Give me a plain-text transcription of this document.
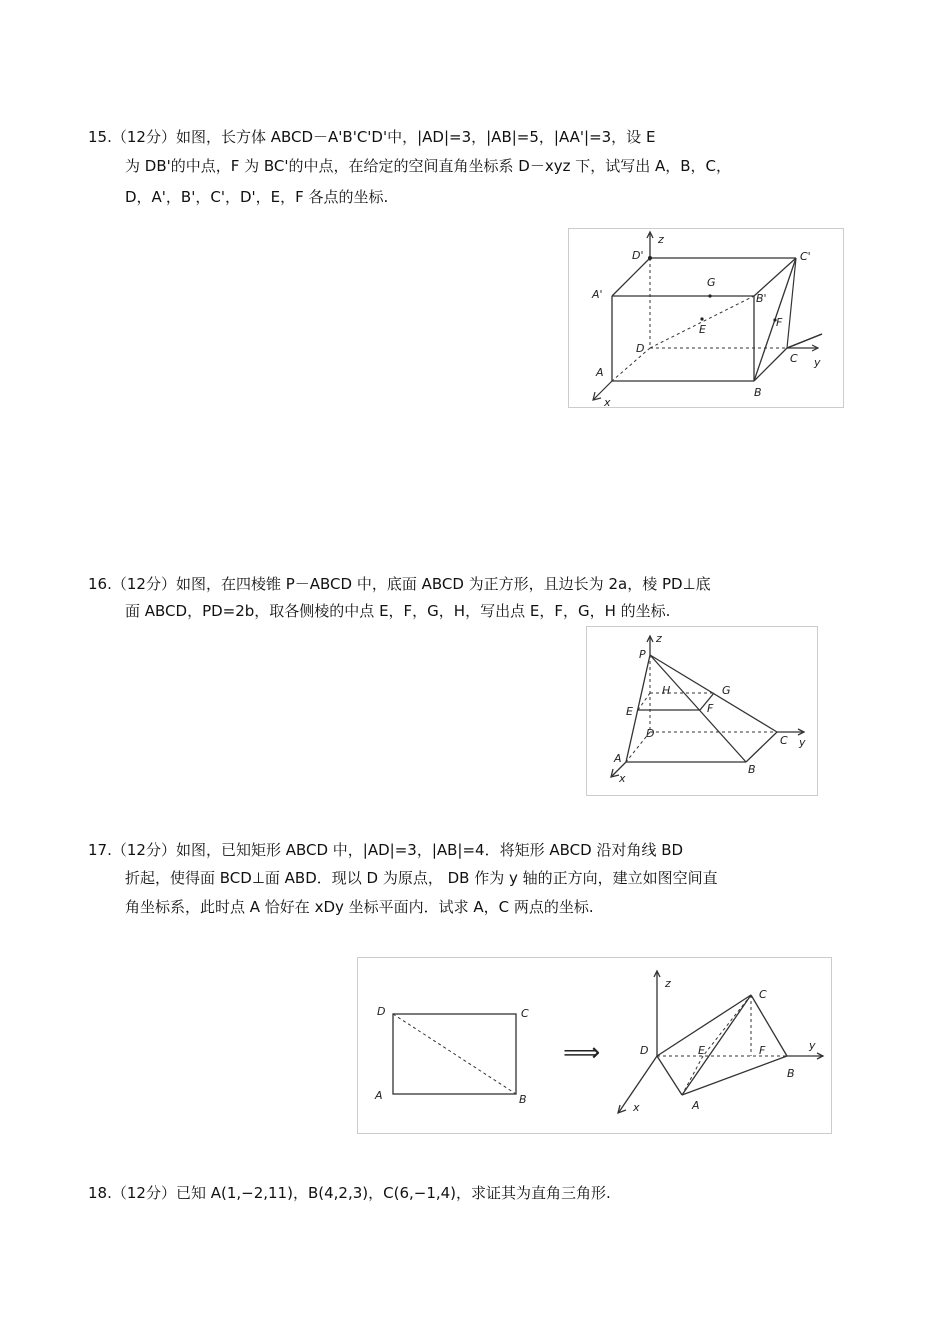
15.（12分）如图，长方体 ABCD－A'B'C'D'中，|AD|=3，|AB|=5，|AA'|=3，设 E
为 DB'的中点，F 为 BC'的中点，在给定的空间直角坐标系 D－xyz 下，试写出 A，B，C，
D，A'，B'，C'，D'，E，F 各点的坐标.
z
D'	C'
A'
G
B'
E
F
D
C y
A
B
x
16.（12分）如图，在四棱锥 P－ABCD 中，底面 ABCD 为正方形，且边长为 2a，棱 PD⊥底
面 ABCD，PD=2b，取各侧棱的中点 E，F，G，H，写出点 E，F，G，H 的坐标.
z
P
H	G
E	F
D
C y
A
B
x
17.（12分）如图，已知矩形 ABCD 中，|AD|=3，|AB|=4．将矩形 ABCD 沿对角线 BD
折起，使得面 BCD⊥面 ABD．现以 D 为原点， DB 作为 y 轴的正方向，建立如图空间直
角坐标系，此时点 A 恰好在 xDy 坐标平面内．试求 A，C 两点的坐标.
D	C
A	B
⟹
z
C
D	E	F	y
B
A
x
18.（12分）已知 A(1,−2,11)，B(4,2,3)，C(6,−1,4)，求证其为直角三角形.
